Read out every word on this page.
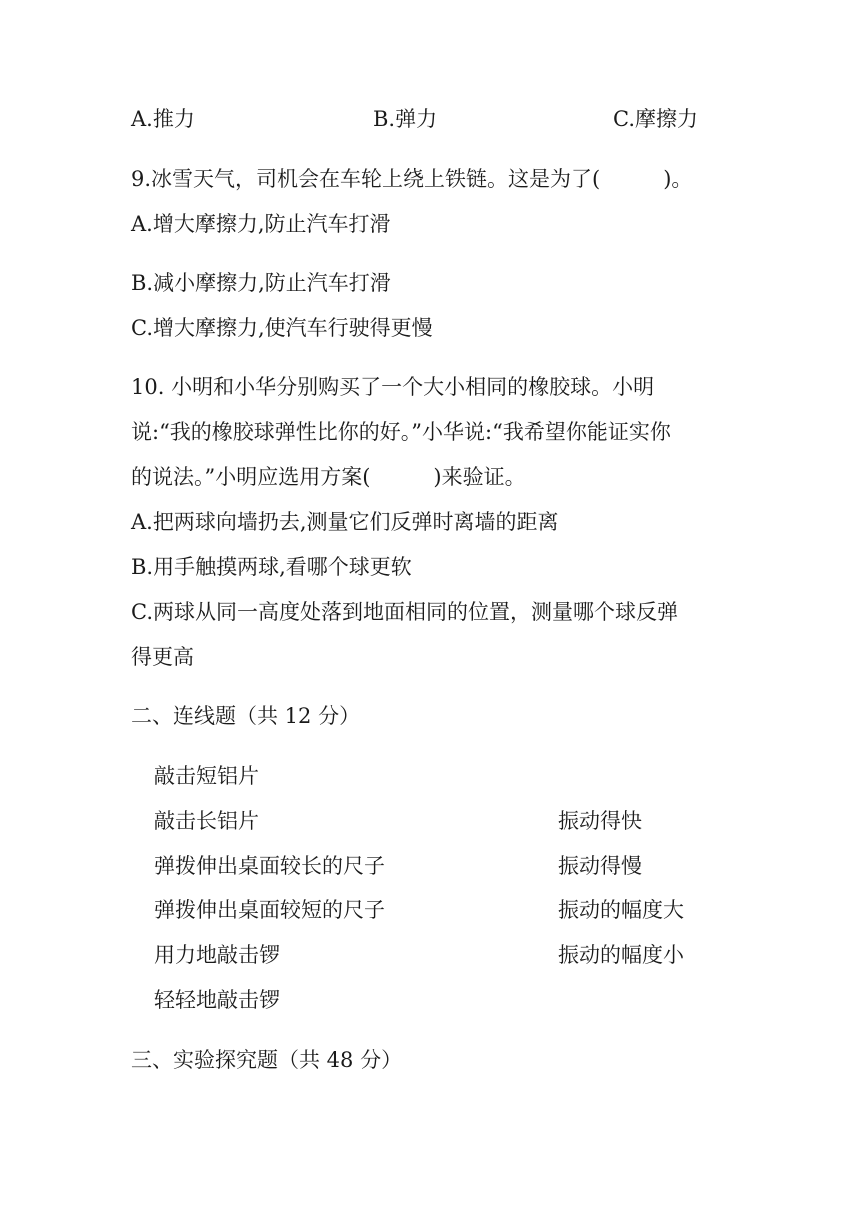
A.推力	B.弹力	C.摩擦力
9.冰雪天气，司机会在车轮上绕上铁链。这是为了(　　　)。
A.增大摩擦力,防止汽车打滑
B.减小摩擦力,防止汽车打滑
C.增大摩擦力,使汽车行驶得更慢
10. 小明和小华分别购买了一个大小相同的橡胶球。小明
说:“我的橡胶球弹性比你的好。”小华说:“我希望你能证实你
的说法。”小明应选用方案(　　　)来验证。
A.把两球向墙扔去,测量它们反弹时离墙的距离
B.用手触摸两球,看哪个球更软
C.两球从同一高度处落到地面相同的位置，测量哪个球反弹
得更高
二、连线题（共 12 分）
敲击短铝片
敲击长铝片
弹拨伸出桌面较长的尺子
弹拨伸出桌面较短的尺子
用力地敲击锣
轻轻地敲击锣
振动得快
振动得慢
振动的幅度大
振动的幅度小
三、实验探究题（共 48 分）
